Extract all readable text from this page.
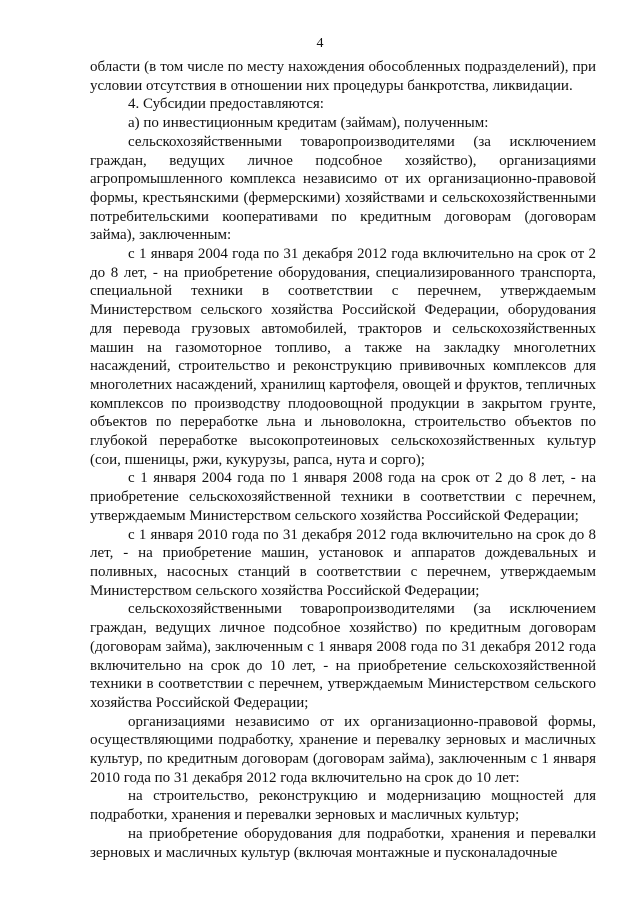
4

области (в том числе по месту нахождения обособленных подразделений), при условии отсутствия в отношении них процедуры банкротства, ликвидации.

4. Субсидии предоставляются:

а) по инвестиционным кредитам (займам), полученным:

сельскохозяйственными товаропроизводителями (за исключением граждан, ведущих личное подсобное хозяйство), организациями агропромышленного комплекса независимо от их организационно-правовой формы, крестьянскими (фермерскими) хозяйствами и сельскохозяйственными потребительскими кооперативами по кредитным договорам (договорам займа), заключенным:

с 1 января 2004 года по 31 декабря 2012 года включительно на срок от 2 до 8 лет, - на приобретение оборудования, специализированного транспорта, специальной техники в соответствии с перечнем, утверждаемым Министерством сельского хозяйства Российской Федерации, оборудования для перевода грузовых автомобилей, тракторов и сельскохозяйственных машин на газомоторное топливо, а также на закладку многолетних насаждений, строительство и реконструкцию прививочных комплексов для многолетних насаждений, хранилищ картофеля, овощей и фруктов, тепличных комплексов по производству плодоовощной продукции в закрытом грунте, объектов по переработке льна и льноволокна, строительство объектов по глубокой переработке высокопротеиновых сельскохозяйственных культур (сои, пшеницы, ржи, кукурузы, рапса, нута и сорго);

с 1 января 2004 года по 1 января 2008 года на срок от 2 до 8 лет, - на приобретение сельскохозяйственной техники в соответствии с перечнем, утверждаемым Министерством сельского хозяйства Российской Федерации;

с 1 января 2010 года по 31 декабря 2012 года включительно на срок до 8 лет, - на приобретение машин, установок и аппаратов дождевальных и поливных, насосных станций в соответствии с перечнем, утверждаемым Министерством сельского хозяйства Российской Федерации;

сельскохозяйственными товаропроизводителями (за исключением граждан, ведущих личное подсобное хозяйство) по кредитным договорам (договорам займа), заключенным с 1 января 2008 года по 31 декабря 2012 года включительно на срок до 10 лет, - на приобретение сельскохозяйственной техники в соответствии с перечнем, утверждаемым Министерством сельского хозяйства Российской Федерации;

организациями независимо от их организационно-правовой формы, осуществляющими подработку, хранение и перевалку зерновых и масличных культур, по кредитным договорам (договорам займа), заключенным с 1 января 2010 года по 31 декабря 2012 года включительно на срок до 10 лет:

на строительство, реконструкцию и модернизацию мощностей для подработки, хранения и перевалки зерновых и масличных культур;

на приобретение оборудования для подработки, хранения и перевалки зерновых и масличных культур (включая монтажные и пусконаладочные
